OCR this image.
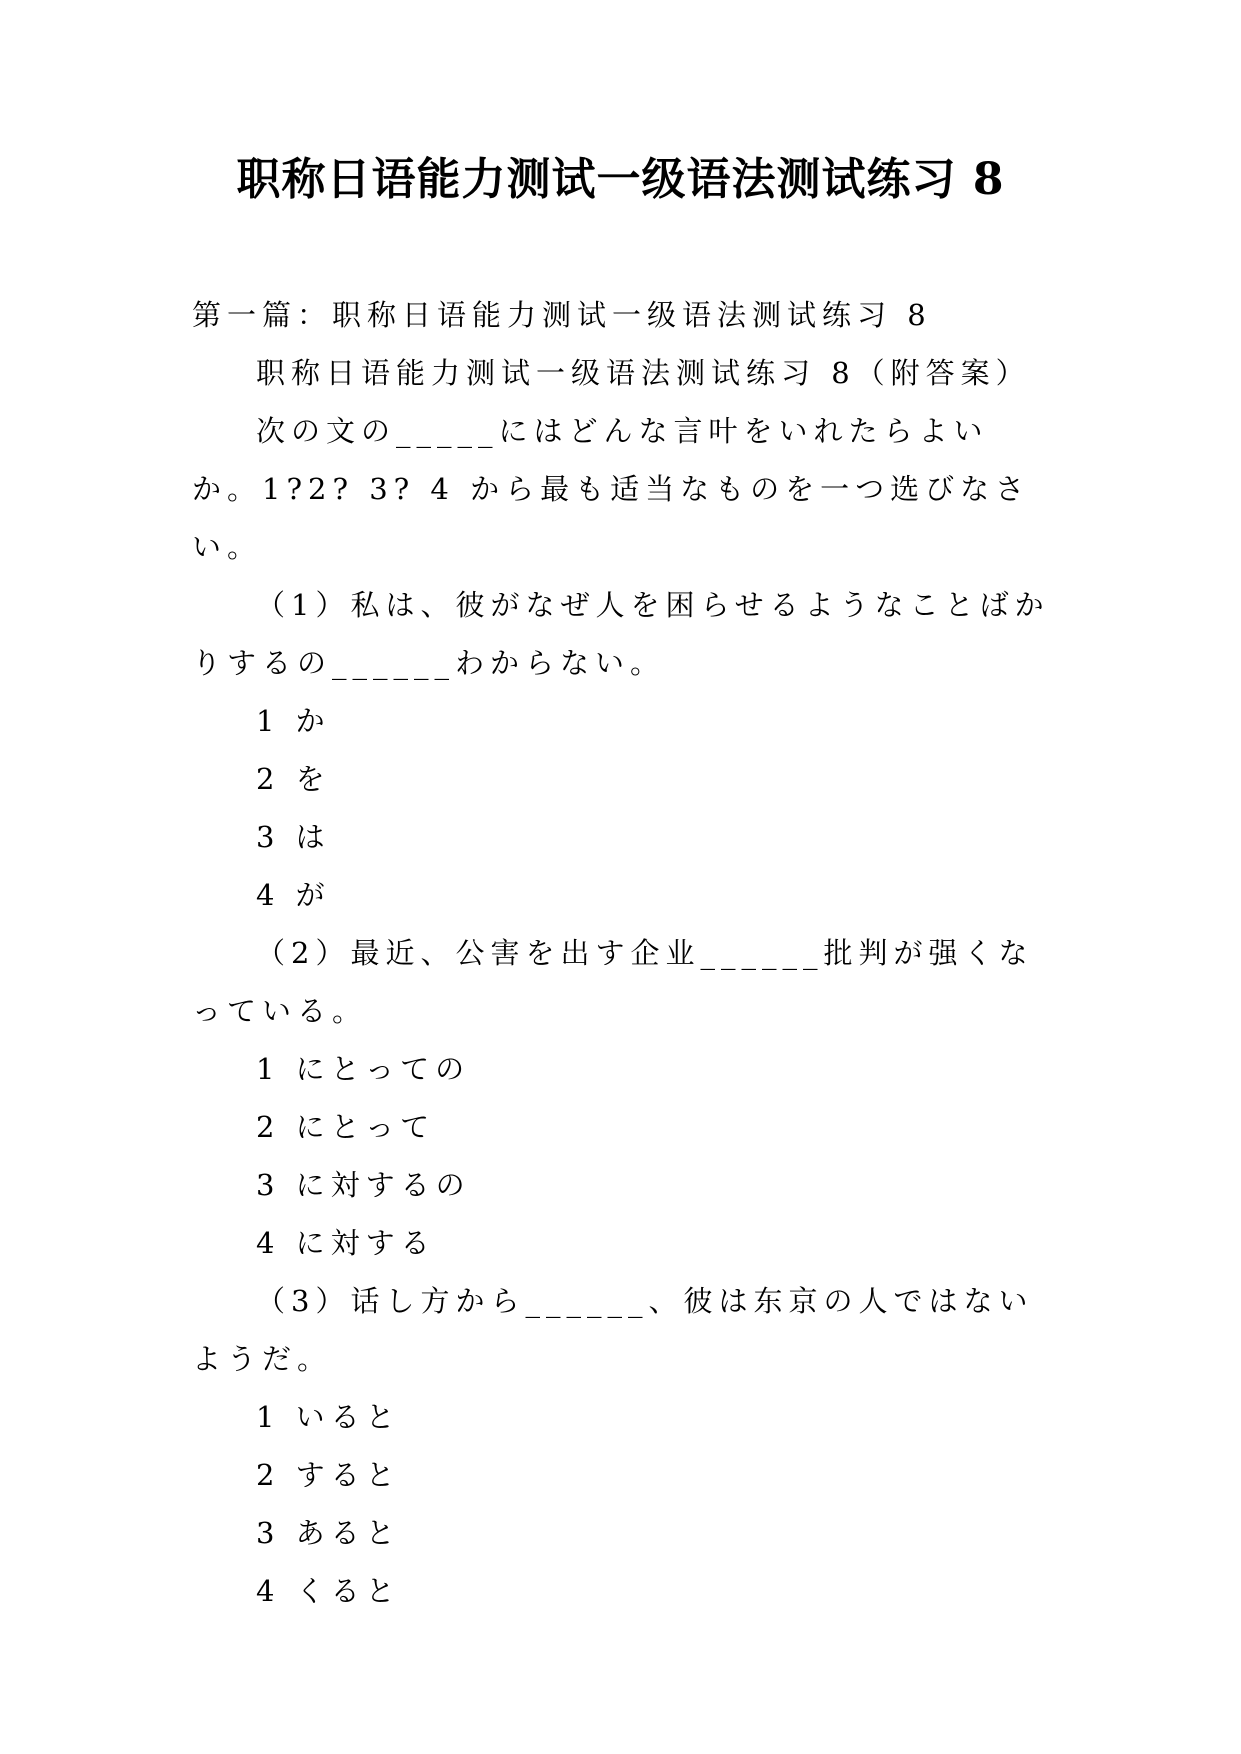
职称日语能力测试一级语法测试练习 8

第一篇：职称日语能力测试一级语法测试练习 8

职称日语能力测试一级语法测试练习 8（附答案）

次の文の_____にはどんな言叶をいれたらよいか。1?2? 3? 4 から最も适当なものを一つ选びなさい。

（1）私は、彼がなぜ人を困らせるようなことばかりするの______わからない。

1 か

2 を

3 は

4 が

（2）最近、公害を出す企业______批判が强くなっている。

1 にとっての

2 にとって

3 に対するの

4 に対する

（3）话し方から______、彼は东京の人ではないようだ。

1 いると

2 すると

3 あると

4 くると
